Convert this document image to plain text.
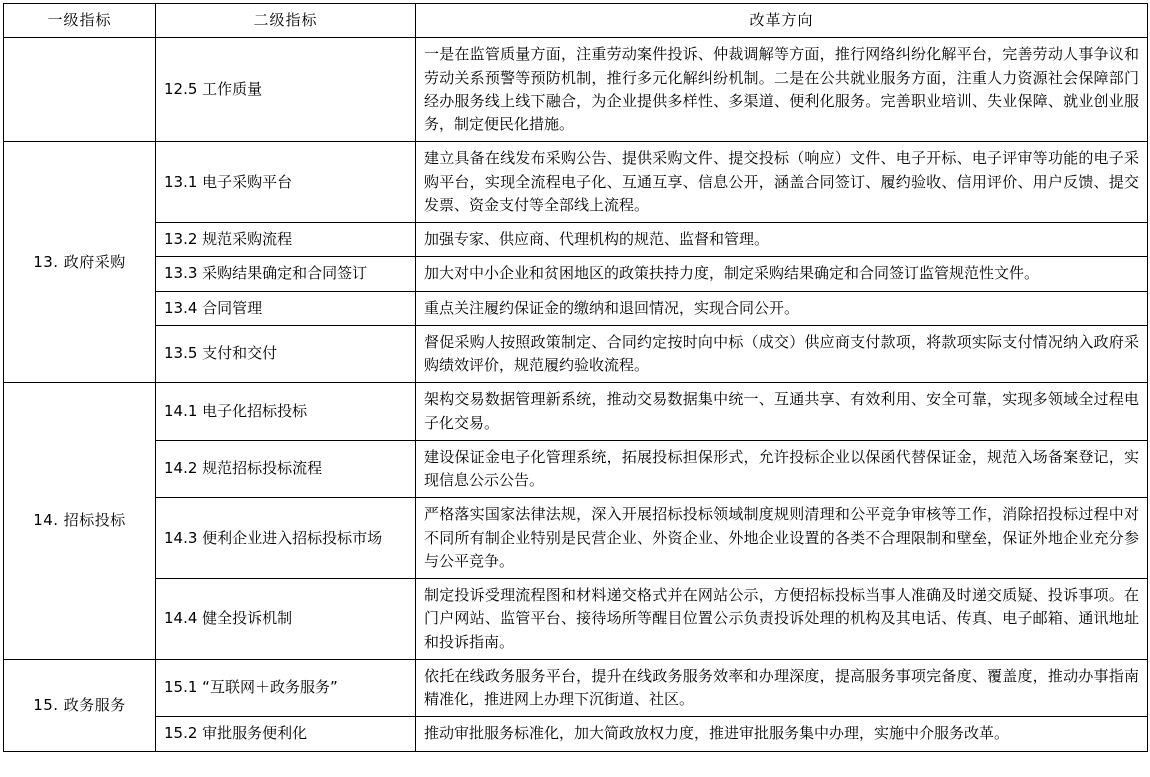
一级指标	二级指标	改革方向
	12.5 工作质量	一是在监管质量方面，注重劳动案件投诉、仲裁调解等方面，推行网络纠纷化解平台，完善劳动人事争议和劳动关系预警等预防机制，推行多元化解纠纷机制。二是在公共就业服务方面，注重人力资源社会保障部门经办服务线上线下融合，为企业提供多样性、多渠道、便利化服务。完善职业培训、失业保障、就业创业服务，制定便民化措施。
13. 政府采购	13.1 电子采购平台	建立具备在线发布采购公告、提供采购文件、提交投标（响应）文件、电子开标、电子评审等功能的电子采购平台，实现全流程电子化、互通互享、信息公开，涵盖合同签订、履约验收、信用评价、用户反馈、提交发票、资金支付等全部线上流程。
	13.2 规范采购流程	加强专家、供应商、代理机构的规范、监督和管理。
	13.3 采购结果确定和合同签订	加大对中小企业和贫困地区的政策扶持力度，制定采购结果确定和合同签订监管规范性文件。
	13.4 合同管理	重点关注履约保证金的缴纳和退回情况，实现合同公开。
	13.5 支付和交付	督促采购人按照政策制定、合同约定按时向中标（成交）供应商支付款项，将款项实际支付情况纳入政府采购绩效评价，规范履约验收流程。
14. 招标投标	14.1 电子化招标投标	架构交易数据管理新系统，推动交易数据集中统一、互通共享、有效利用、安全可靠，实现多领域全过程电子化交易。
	14.2 规范招标投标流程	建设保证金电子化管理系统，拓展投标担保形式，允许投标企业以保函代替保证金，规范入场备案登记，实现信息公示公告。
	14.3 便利企业进入招标投标市场	严格落实国家法律法规，深入开展招标投标领域制度规则清理和公平竞争审核等工作，消除招投标过程中对不同所有制企业特别是民营企业、外资企业、外地企业设置的各类不合理限制和壁垒，保证外地企业充分参与公平竞争。
	14.4 健全投诉机制	制定投诉受理流程图和材料递交格式并在网站公示，方便招标投标当事人准确及时递交质疑、投诉事项。在门户网站、监管平台、接待场所等醒目位置公示负责投诉处理的机构及其电话、传真、电子邮箱、通讯地址和投诉指南。
15. 政务服务	15.1 “互联网＋政务服务”	依托在线政务服务平台，提升在线政务服务效率和办理深度，提高服务事项完备度、覆盖度，推动办事指南精准化，推进网上办理下沉街道、社区。
	15.2 审批服务便利化	推动审批服务标准化，加大简政放权力度，推进审批服务集中办理，实施中介服务改革。
